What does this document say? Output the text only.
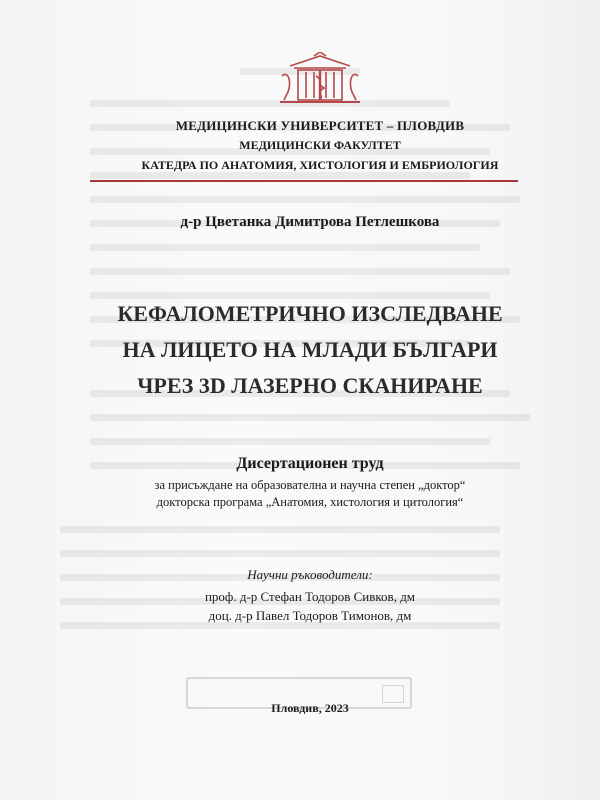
МЕДИЦИНСКИ УНИВЕРСИТЕТ – ПЛОВДИВ
МЕДИЦИНСКИ ФАКУЛТЕТ
КАТЕДРА ПО АНАТОМИЯ, ХИСТОЛОГИЯ И ЕМБРИОЛОГИЯ
д-р Цветанка Димитрова Петлешкова
КЕФАЛОМЕТРИЧНО ИЗСЛЕДВАНЕ
НА ЛИЦЕТО НА МЛАДИ БЪЛГАРИ
ЧРЕЗ 3D ЛАЗЕРНО СКАНИРАНЕ
Дисертационен труд
за присъждане на образователна и научна степен „доктор“
докторска програма „Анатомия, хистология и цитология“
Научни ръководители:
проф. д-р Стефан Тодоров Сивков, дм
доц. д-р Павел Тодоров Тимонов, дм
Пловдив, 2023
